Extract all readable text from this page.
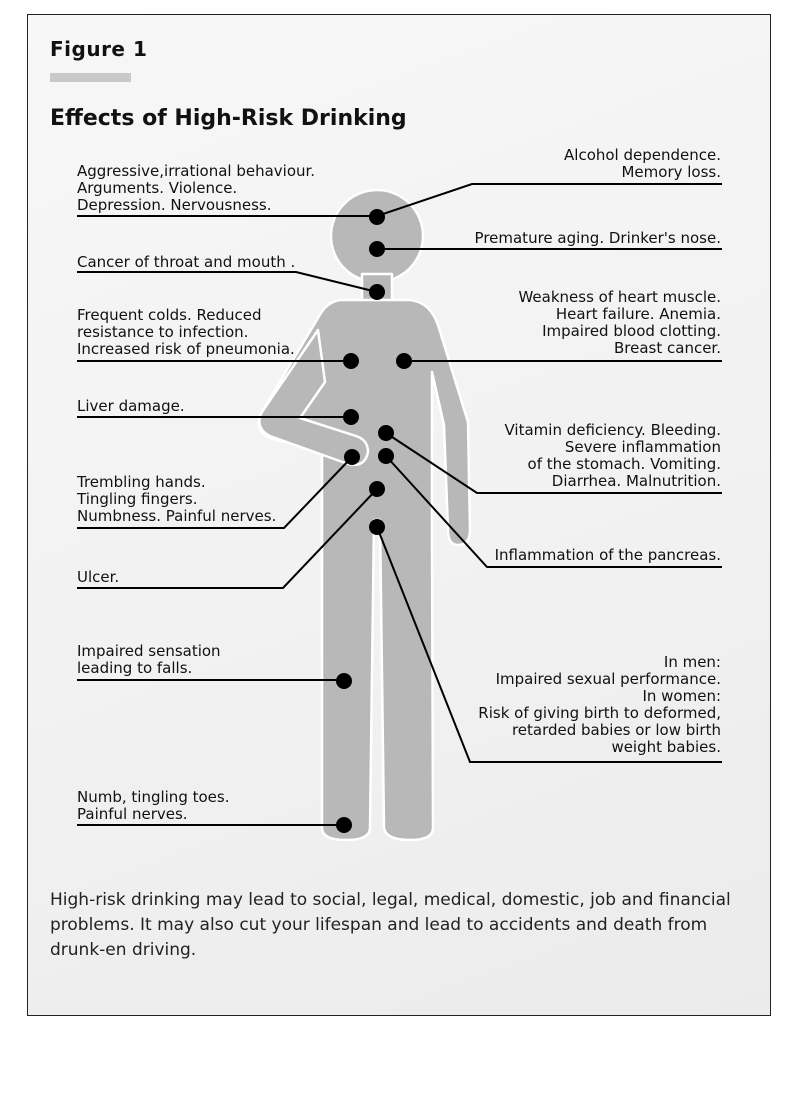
Figure 1
Effects of High-Risk Drinking
Aggressive,irrational behaviour.
Arguments. Violence.
Depression. Nervousness.
Alcohol dependence.
Memory loss.
Premature aging. Drinker's nose.
Cancer of throat and mouth .
Weakness of heart muscle.
Heart failure. Anemia.
Impaired blood clotting.
Breast cancer.
Frequent colds. Reduced
resistance to infection.
Increased risk of pneumonia.
Liver damage.
Vitamin deficiency. Bleeding.
Severe inflammation
of the stomach. Vomiting.
Diarrhea. Malnutrition.
Trembling hands.
Tingling fingers.
Numbness. Painful nerves.
Inflammation of the pancreas.
Ulcer.
In men:
Impaired sexual performance.
In women:
Risk of giving birth to deformed,
retarded babies or low birth
weight babies.
Impaired sensation
leading to falls.
Numb, tingling toes.
Painful nerves.
High-risk drinking may lead to social, legal, medical, domestic, job and financial problems. It may also cut your lifespan and lead to accidents and death from drunk-en driving.
